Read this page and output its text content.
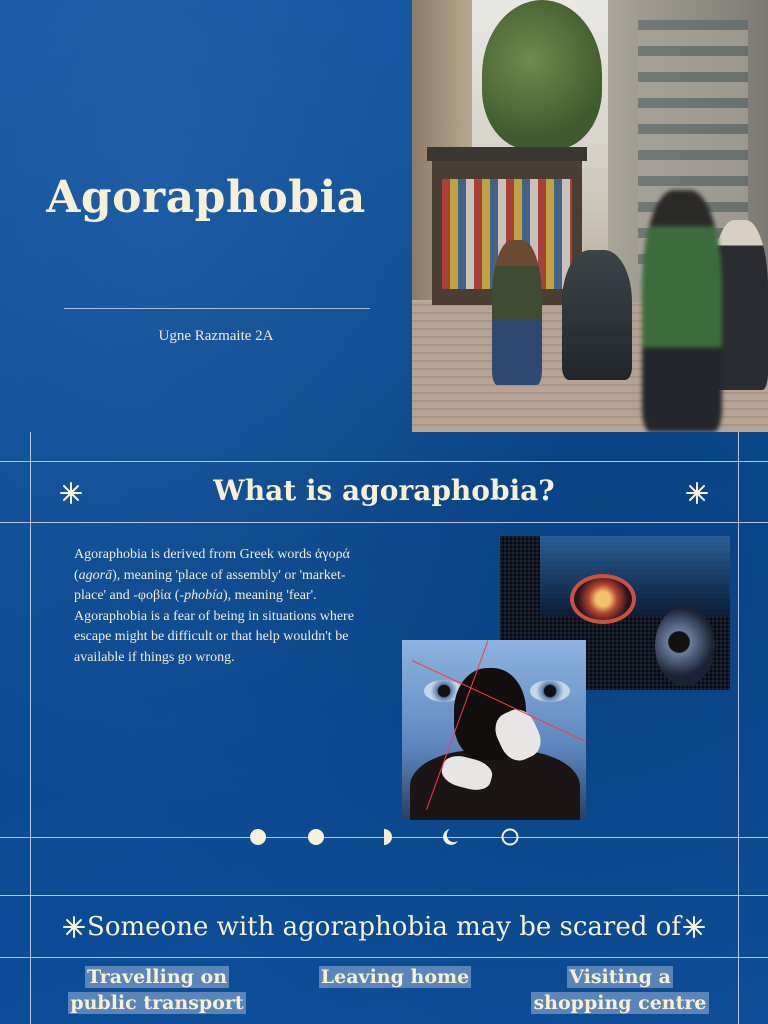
Agoraphobia
Ugne Razmaite 2A
What is agoraphobia?

Agoraphobia is derived from Greek words ἀγορά (agorā), meaning 'place of assembly' or 'market-place' and -φοβία (-phobía), meaning 'fear'.

Agoraphobia is a fear of being in situations where escape might be difficult or that help wouldn't be available if things go wrong.

Someone with agoraphobia may be scared of
Travelling on public transport
Leaving home	Visiting a shopping centre
